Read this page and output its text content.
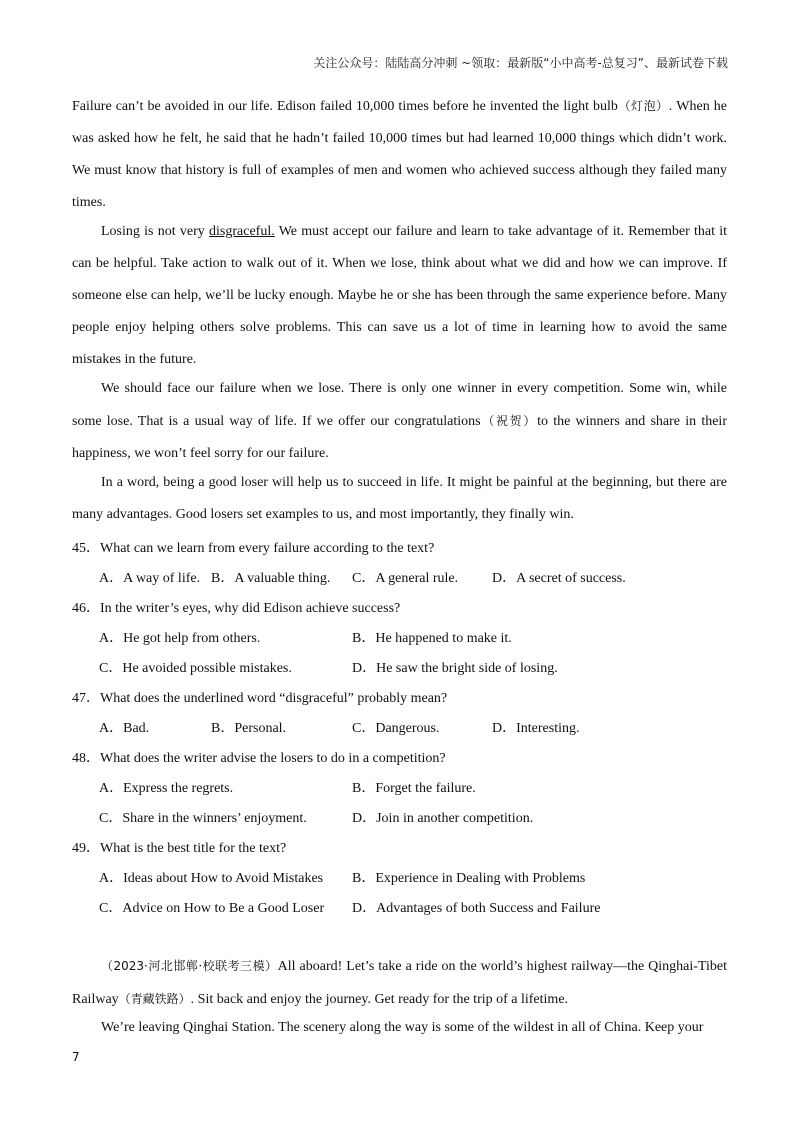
关注公众号：陆陆高分冲刺 ~领取：最新版“小中高考-总复习”、最新试卷下载

Failure can’t be avoided in our life. Edison failed 10,000 times before he invented the light bulb（灯泡）. When he was asked how he felt, he said that he hadn’t failed 10,000 times but had learned 10,000 things which didn’t work. We must know that history is full of examples of men and women who achieved success although they failed many times.

Losing is not very disgraceful. We must accept our failure and learn to take advantage of it. Remember that it can be helpful. Take action to walk out of it. When we lose, think about what we did and how we can improve. If someone else can help, we’ll be lucky enough. Maybe he or she has been through the same experience before. Many people enjoy helping others solve problems. This can save us a lot of time in learning how to avoid the same mistakes in the future.

We should face our failure when we lose. There is only one winner in every competition. Some win, while some lose. That is a usual way of life. If we offer our congratulations（祝贺）to the winners and share in their happiness, we won’t feel sorry for our failure.

In a word, being a good loser will help us to succeed in life. It might be painful at the beginning, but there are many advantages. Good losers set examples to us, and most importantly, they finally win.

45．What can we learn from every failure according to the text?
A．A way of life. B．A valuable thing. C．A general rule. D．A secret of success.
46．In the writer’s eyes, why did Edison achieve success?
A．He got help from others.	B．He happened to make it.
C．He avoided possible mistakes.	D．He saw the bright side of losing.
47．What does the underlined word “disgraceful” probably mean?
A．Bad.	B．Personal.	C．Dangerous.	D．Interesting.
48．What does the writer advise the losers to do in a competition?
A．Express the regrets.	B．Forget the failure.
C．Share in the winners’ enjoyment.	D．Join in another competition.
49．What is the best title for the text?
A．Ideas about How to Avoid Mistakes B．Experience in Dealing with Problems
C．Advice on How to Be a Good Loser D．Advantages of both Success and Failure

（2023·河北邯郸·校联考三模）All aboard! Let’s take a ride on the world’s highest railway—the Qinghai-Tibet Railway（青藏铁路）. Sit back and enjoy the journey. Get ready for the trip of a lifetime.

We’re leaving Qinghai Station. The scenery along the way is some of the wildest in all of China. Keep your

7
